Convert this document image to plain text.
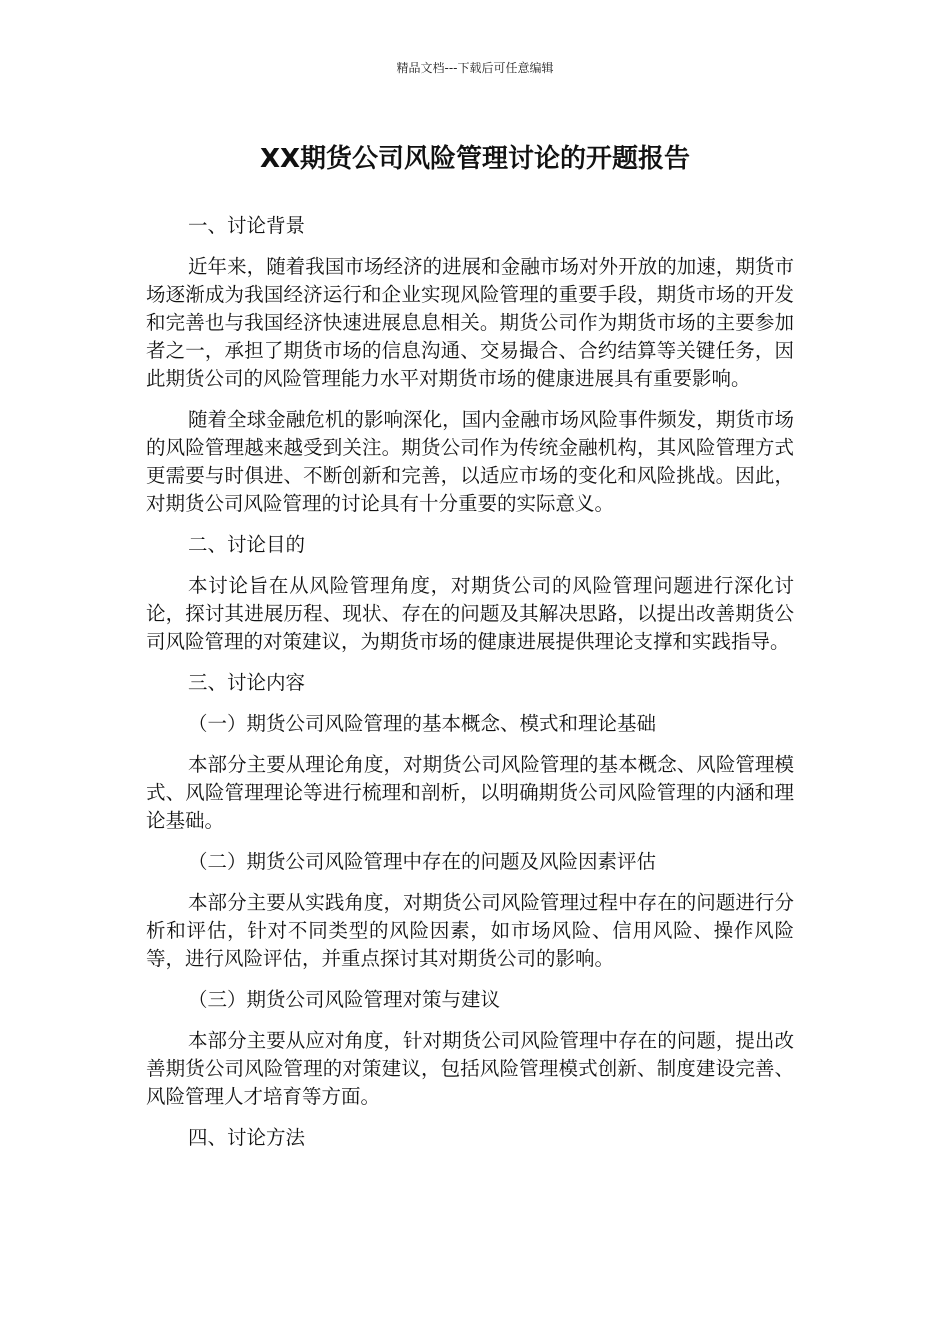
精品文档---下载后可任意编辑
XX期货公司风险管理讨论的开题报告

一、讨论背景

近年来，随着我国市场经济的进展和金融市场对外开放的加速，期货市场逐渐成为我国经济运行和企业实现风险管理的重要手段，期货市场的开发和完善也与我国经济快速进展息息相关。期货公司作为期货市场的主要参加者之一，承担了期货市场的信息沟通、交易撮合、合约结算等关键任务，因此期货公司的风险管理能力水平对期货市场的健康进展具有重要影响。

随着全球金融危机的影响深化，国内金融市场风险事件频发，期货市场的风险管理越来越受到关注。期货公司作为传统金融机构，其风险管理方式更需要与时俱进、不断创新和完善，以适应市场的变化和风险挑战。因此，对期货公司风险管理的讨论具有十分重要的实际意义。

二、讨论目的

本讨论旨在从风险管理角度，对期货公司的风险管理问题进行深化讨论，探讨其进展历程、现状、存在的问题及其解决思路，以提出改善期货公司风险管理的对策建议，为期货市场的健康进展提供理论支撑和实践指导。

三、讨论内容

（一）期货公司风险管理的基本概念、模式和理论基础

本部分主要从理论角度，对期货公司风险管理的基本概念、风险管理模式、风险管理理论等进行梳理和剖析，以明确期货公司风险管理的内涵和理论基础。

（二）期货公司风险管理中存在的问题及风险因素评估

本部分主要从实践角度，对期货公司风险管理过程中存在的问题进行分析和评估，针对不同类型的风险因素，如市场风险、信用风险、操作风险等，进行风险评估，并重点探讨其对期货公司的影响。

（三）期货公司风险管理对策与建议

本部分主要从应对角度，针对期货公司风险管理中存在的问题，提出改善期货公司风险管理的对策建议，包括风险管理模式创新、制度建设完善、风险管理人才培育等方面。

四、讨论方法
